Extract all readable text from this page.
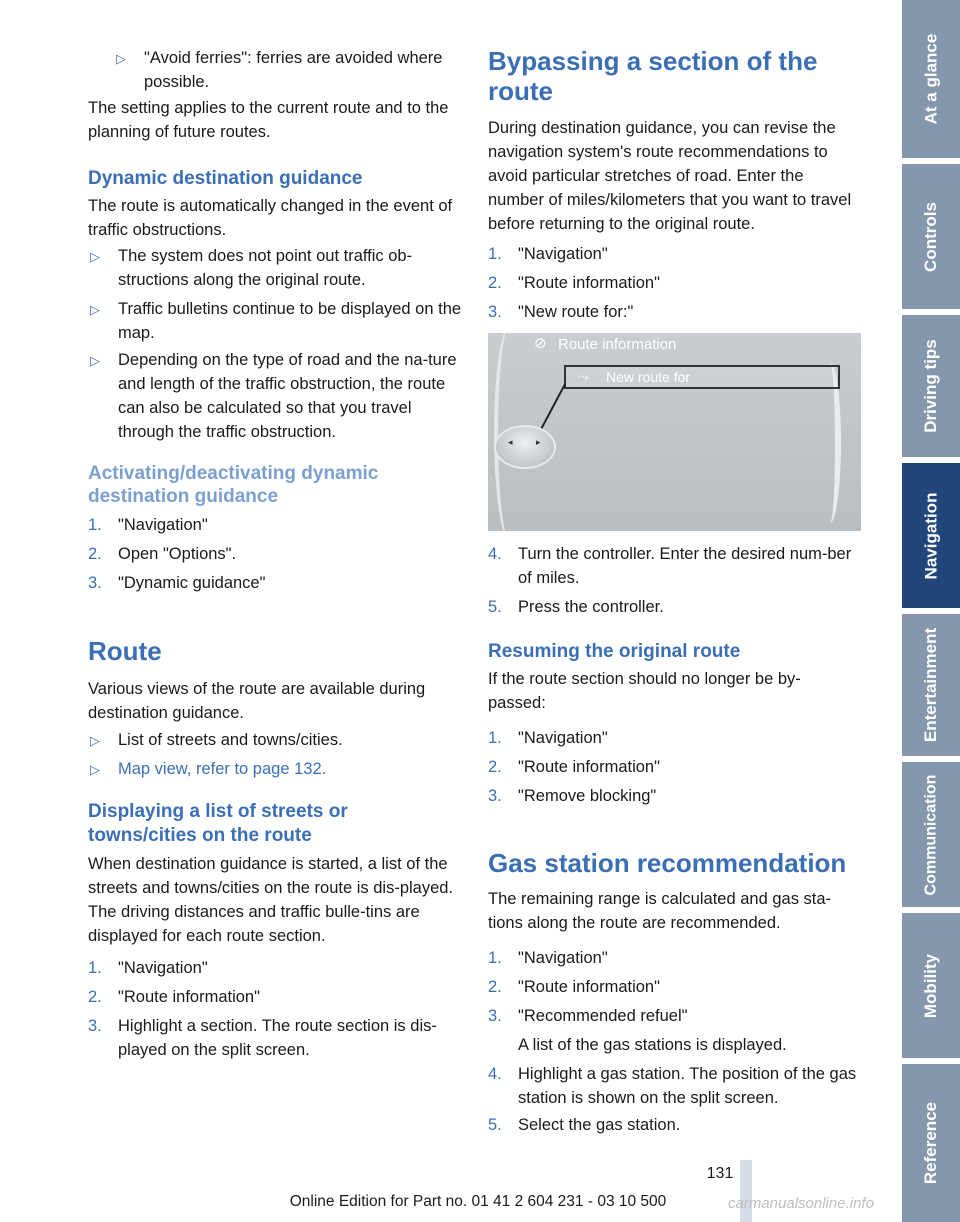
▷ "Avoid ferries": ferries are avoided where possible.

The setting applies to the current route and to the planning of future routes.

Dynamic destination guidance

The route is automatically changed in the event of traffic obstructions.

▷ The system does not point out traffic ob-structions along the original route.
▷ Traffic bulletins continue to be displayed on the map.
▷ Depending on the type of road and the na-ture and length of the traffic obstruction, the route can also be calculated so that you travel through the traffic obstruction.
Activating/deactivating dynamic destination guidance
1. "Navigation"
2. Open "Options".
3. "Dynamic guidance"
Route

Various views of the route are available during destination guidance.

▷ List of streets and towns/cities.
▷ Map view, refer to page 132.
Displaying a list of streets or towns/cities on the route

When destination guidance is started, a list of the streets and towns/cities on the route is dis-played. The driving distances and traffic bulle-tins are displayed for each route section.

1. "Navigation"
2. "Route information"
3. Highlight a section. The route section is dis-played on the split screen.
Bypassing a section of the route

During destination guidance, you can revise the navigation system's route recommendations to avoid particular stretches of road. Enter the number of miles/kilometers that you want to travel before returning to the original route.

1. "Navigation"
2. "Route information"
3. "New route for:"
4. Turn the controller. Enter the desired num-ber of miles.
5. Press the controller.
Resuming the original route

If the route section should no longer be by-passed:

1. "Navigation"
2. "Route information"
3. "Remove blocking"
Gas station recommendation

The remaining range is calculated and gas sta-tions along the route are recommended.

1. "Navigation"
2. "Route information"
3. "Recommended refuel"

A list of the gas stations is displayed.

4. Highlight a gas station. The position of the gas station is shown on the split screen.
5. Select the gas station.
⊘ Route information
⤳ New route for
◂	▸
At a glance
Controls
Driving tips
Navigation
Entertainment
Communication
Mobility
Reference
131
Online Edition for Part no. 01 41 2 604 231 - 03 10 500	carmanualsonline.info
